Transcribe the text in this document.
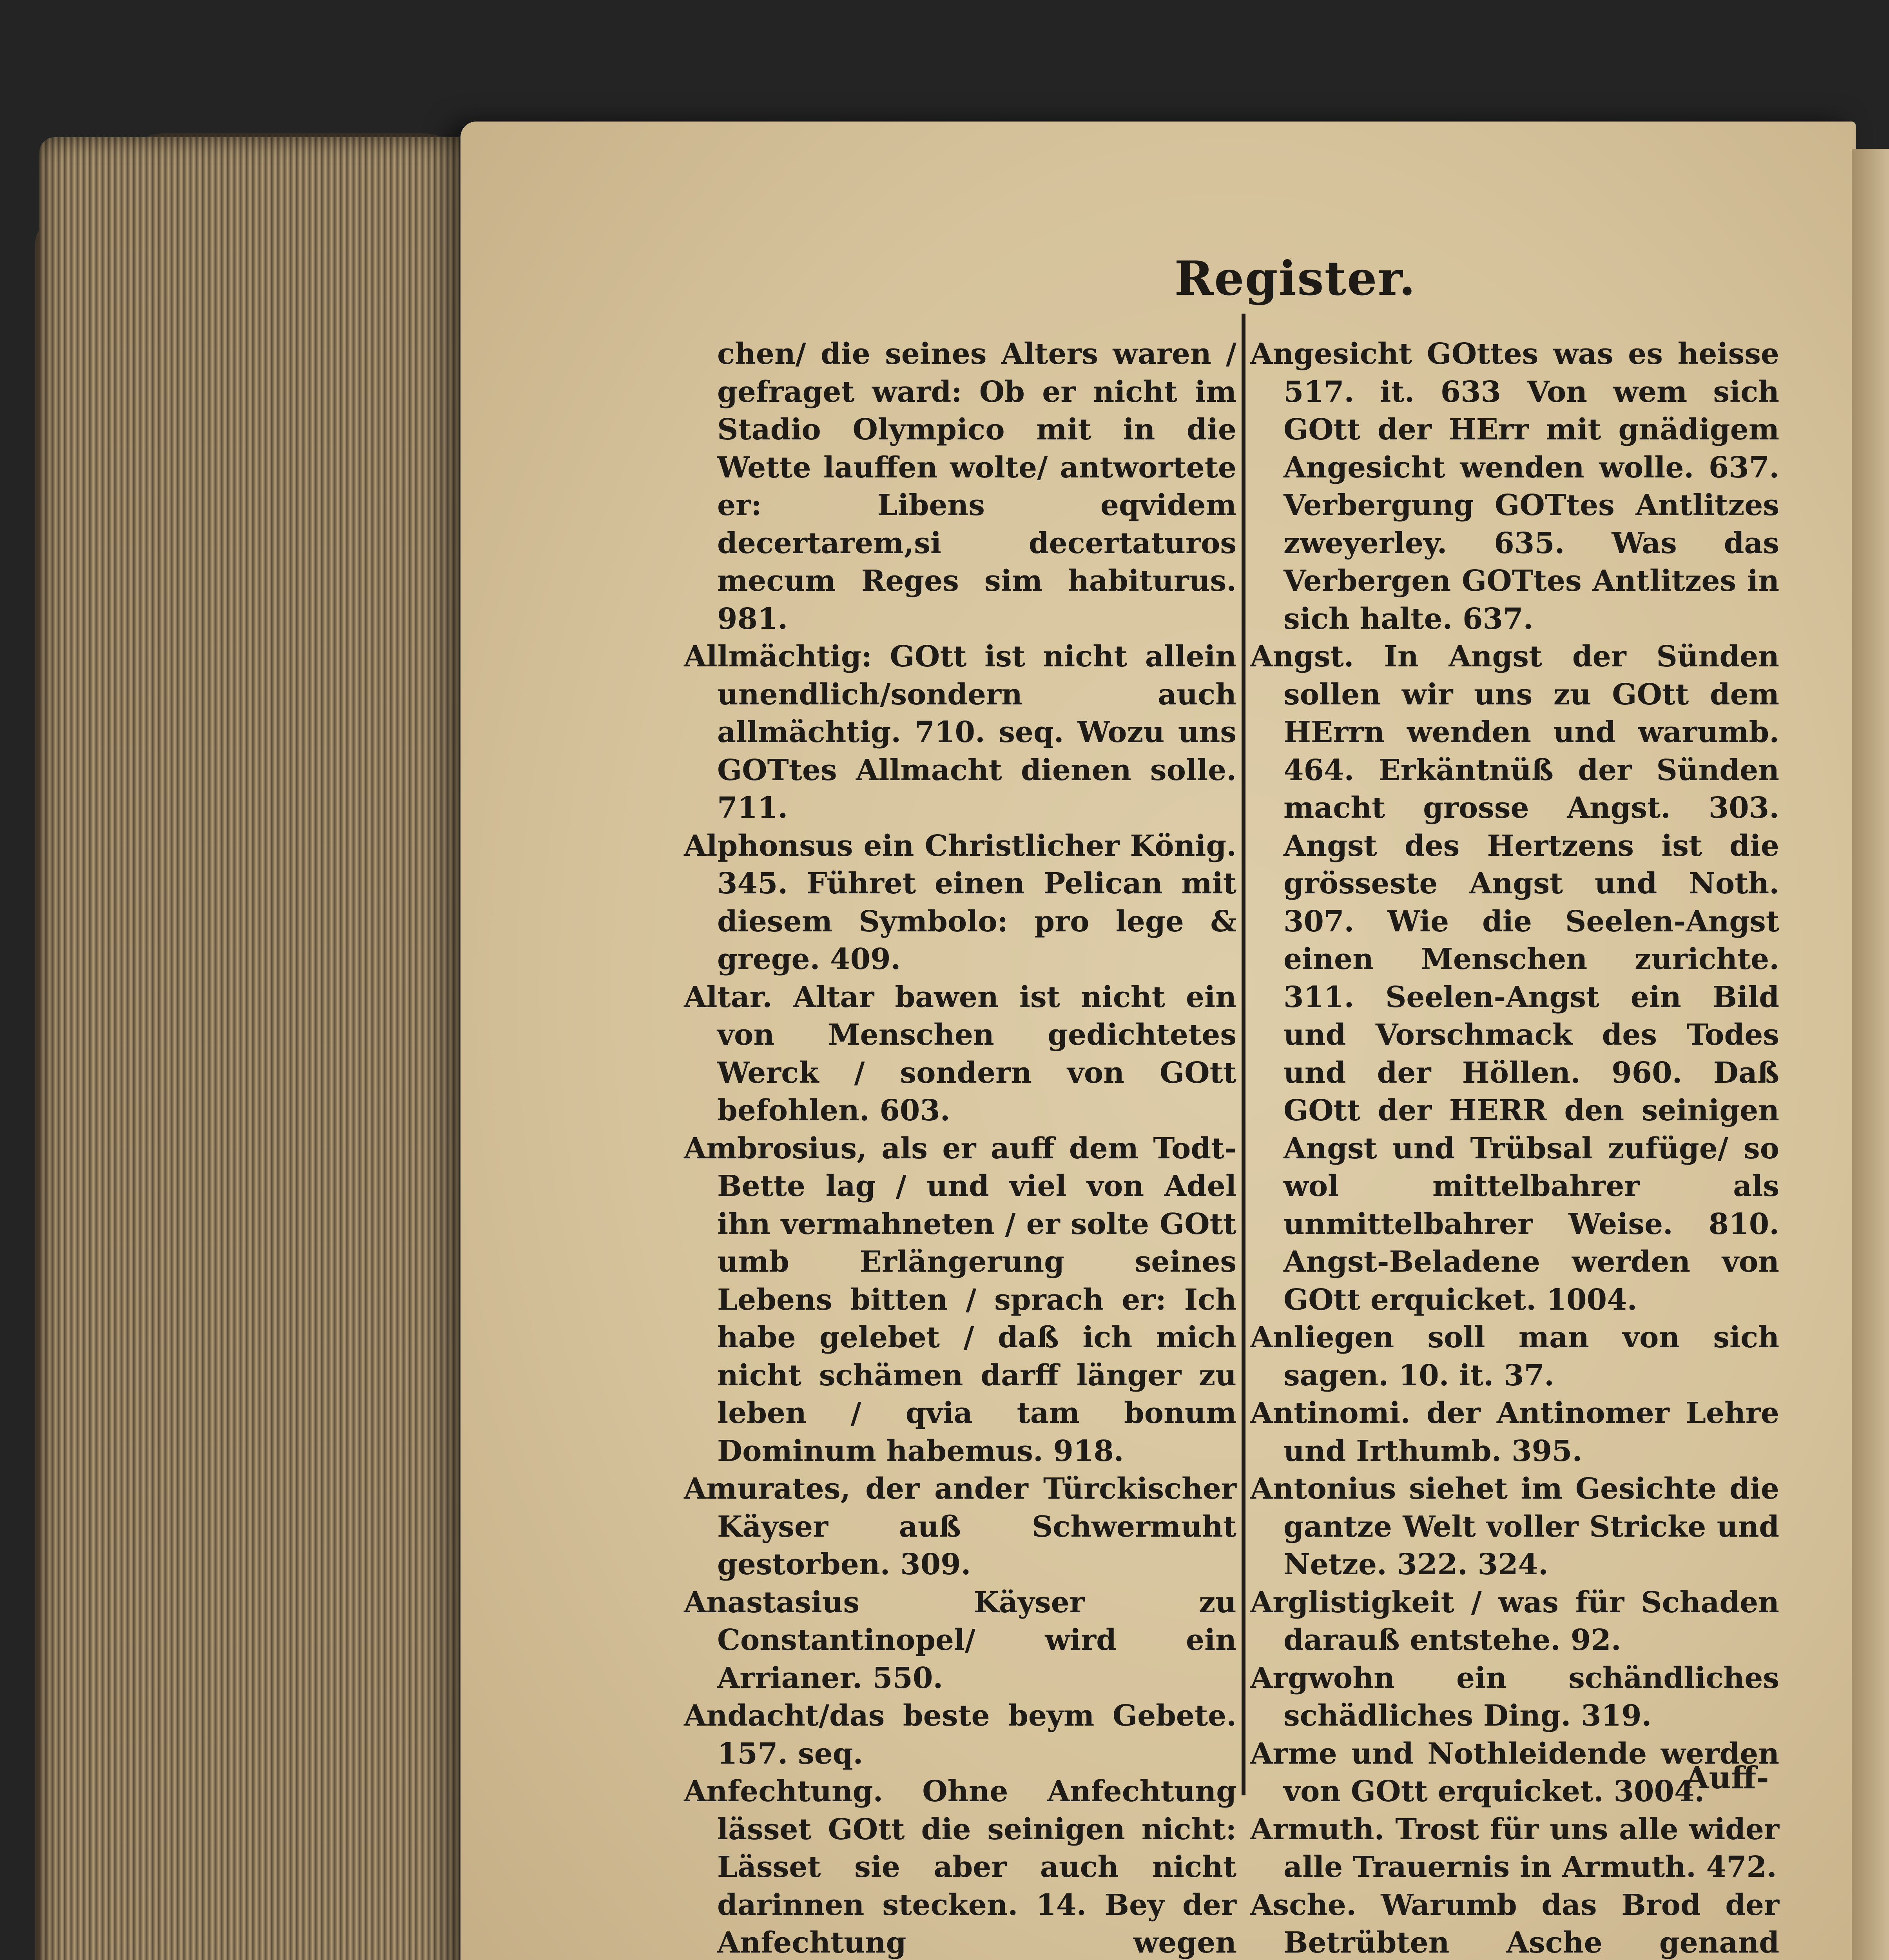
Register.

chen/ die seines Alters waren / gefraget ward: Ob er nicht im Stadio Olympico mit in die Wette lauffen wolte/ antwortete er: Libens eqvidem decertarem,si decertaturos mecum Reges sim habiturus. 981.

Allmächtig: GOtt ist nicht allein unendlich/sondern auch allmächtig. 710. seq. Wozu uns GOTtes Allmacht dienen solle. 711.

Alphonsus ein Christlicher König. 345. Führet einen Pelican mit diesem Symbolo: pro lege & grege. 409.

Altar. Altar bawen ist nicht ein von Menschen gedichtetes Werck / sondern von GOtt befohlen. 603.

Ambrosius, als er auff dem Todt-Bette lag / und viel von Adel ihn vermahneten / er solte GOtt umb Erlängerung seines Lebens bitten / sprach er: Ich habe gelebet / daß ich mich nicht schämen darff länger zu leben / qvia tam bonum Dominum habemus. 918.

Amurates, der ander Türckischer Käyser auß Schwermuht gestorben. 309.

Anastasius Käyser zu Constantinopel/ wird ein Arrianer. 550.

Andacht/das beste beym Gebete. 157. seq.

Anfechtung. Ohne Anfechtung lässet GOtt die seinigen nicht: Lässet sie aber auch nicht darinnen stecken. 14. Bey der Anfechtung wegen

Angesicht GOttes was es heisse 517. it. 633 Von wem sich GOtt der HErr mit gnädigem Angesicht wenden wolle. 637. Verbergung GOTtes Antlitzes zweyerley. 635. Was das Verbergen GOTtes Antlitzes in sich halte. 637.

Angst. In Angst der Sünden sollen wir uns zu GOtt dem HErrn wenden und warumb. 464. Erkäntnüß der Sünden macht grosse Angst. 303. Angst des Hertzens ist die grösseste Angst und Noth. 307. Wie die Seelen-Angst einen Menschen zurichte. 311. Seelen-Angst ein Bild und Vorschmack des Todes und der Höllen. 960. Daß GOtt der HERR den seinigen Angst und Trübsal zufüge/ so wol mittelbahrer als unmittelbahrer Weise. 810. Angst-Beladene werden von GOtt erquicket. 1004.

Anliegen soll man von sich sagen. 10. it. 37.

Antinomi. der Antinomer Lehre und Irthumb. 395.

Antonius siehet im Gesichte die gantze Welt voller Stricke und Netze. 322. 324.

Arglistigkeit / was für Schaden darauß entstehe. 92.

Argwohn ein schändliches schädliches Ding. 319.

Arme und Nothleidende werden von GOtt erquicket. 3004.

Armuth. Trost für uns alle wider alle Trauernis in Armuth. 472.

Asche. Warumb das Brod der Betrübten Asche genand

Auff-
